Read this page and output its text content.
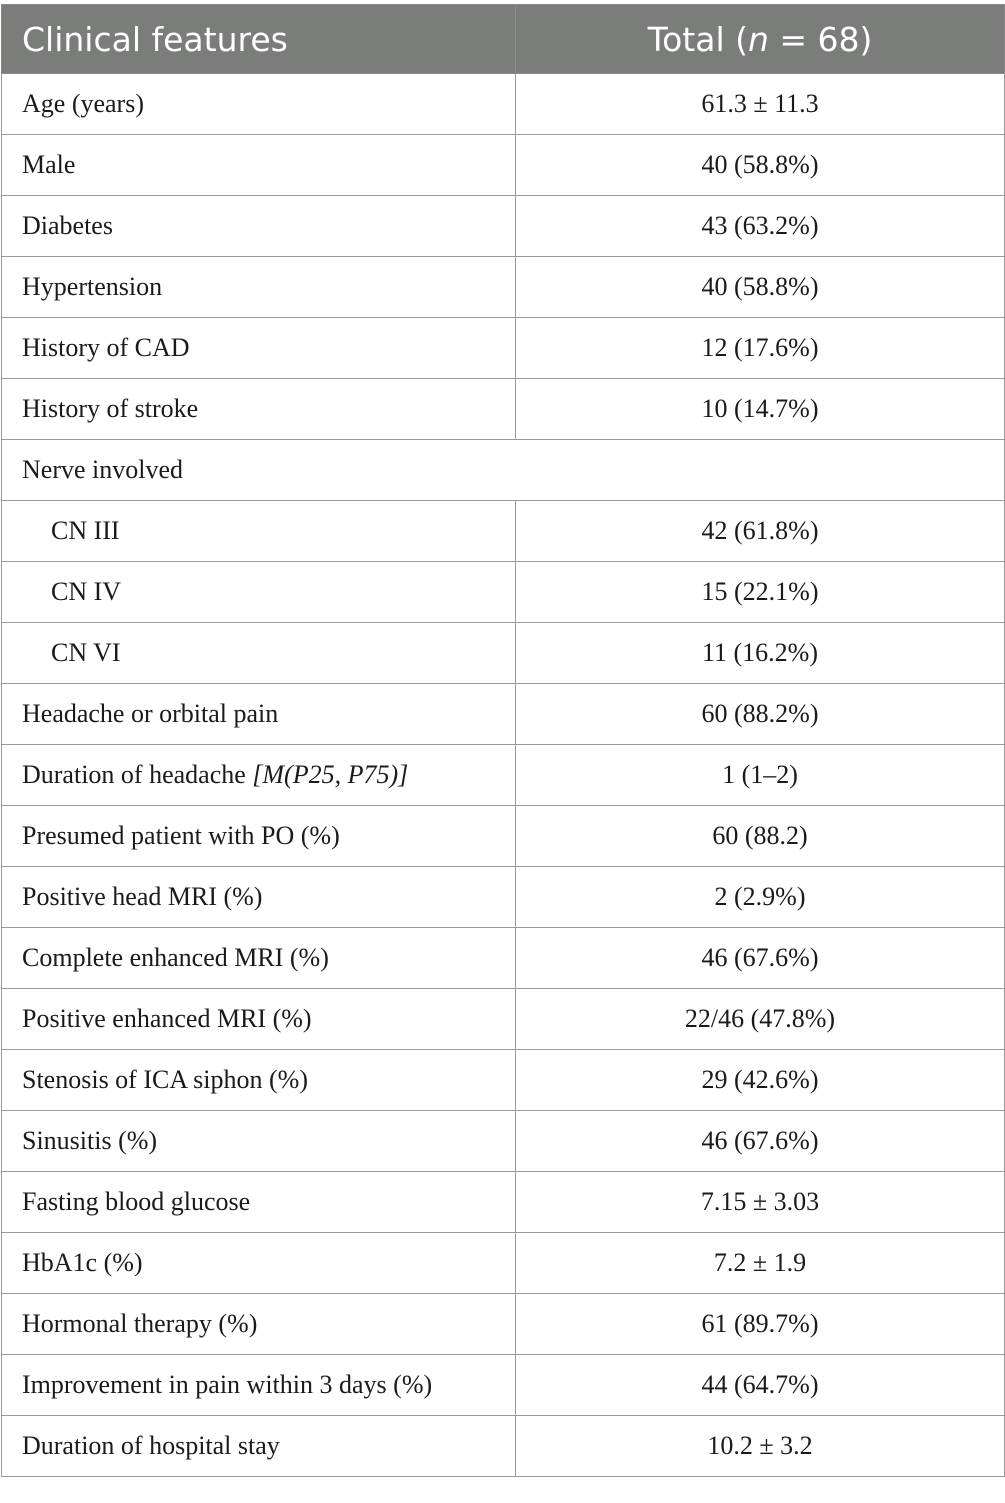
Clinical features	Total (n = 68)
Age (years)	61.3 ± 11.3
Male	40 (58.8%)
Diabetes	43 (63.2%)
Hypertension	40 (58.8%)
History of CAD	12 (17.6%)
History of stroke	10 (14.7%)
Nerve involved	
CN III	42 (61.8%)
CN IV	15 (22.1%)
CN VI	11 (16.2%)
Headache or orbital pain	60 (88.2%)
Duration of headache [M(P25, P75)]	1 (1–2)
Presumed patient with PO (%)	60 (88.2)
Positive head MRI (%)	2 (2.9%)
Complete enhanced MRI (%)	46 (67.6%)
Positive enhanced MRI (%)	22/46 (47.8%)
Stenosis of ICA siphon (%)	29 (42.6%)
Sinusitis (%)	46 (67.6%)
Fasting blood glucose	7.15 ± 3.03
HbA1c (%)	7.2 ± 1.9
Hormonal therapy (%)	61 (89.7%)
Improvement in pain within 3 days (%)	44 (64.7%)
Duration of hospital stay	10.2 ± 3.2
